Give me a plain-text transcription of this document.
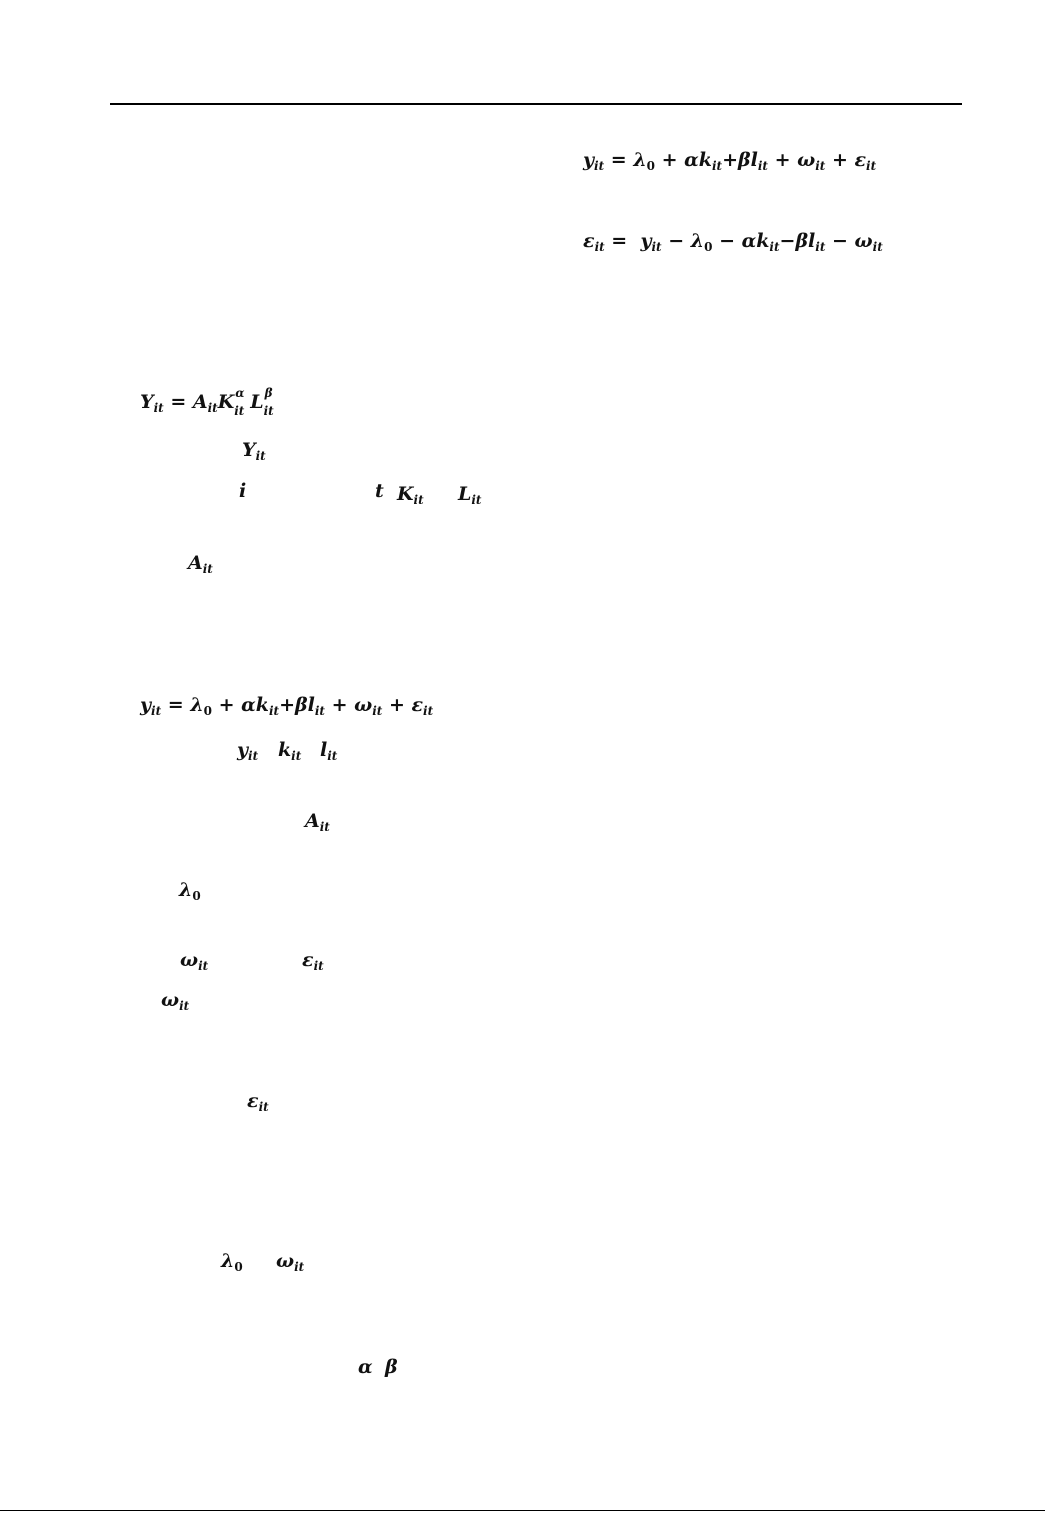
$y_{it} = \lambda_0 + \alpha k_{it}+\beta l_{it} + \omega_{it} + \varepsilon_{it}$
$\varepsilon_{it} = y_{it} - \lambda_0 - \alpha k_{it}-\beta l_{it} - \omega_{it}$
$Y_{it} = A_{it}K$ α
it L β
it
$Y_{it}$
i	t $K_{it}$ $L_{it}$
$A_{it}$
$y_{it} = \lambda_0 + \alpha k_{it}+\beta l_{it} + \omega_{it} + \varepsilon_{it}$
$y_{it}$ $k_{it}$ $l_{it}$
$A_{it}$
$\lambda_0$
$\omega_{it}$	$\varepsilon_{it}$
$\omega_{it}$
$\varepsilon_{it}$
$\lambda_0$ $\omega_{it}$
α β
